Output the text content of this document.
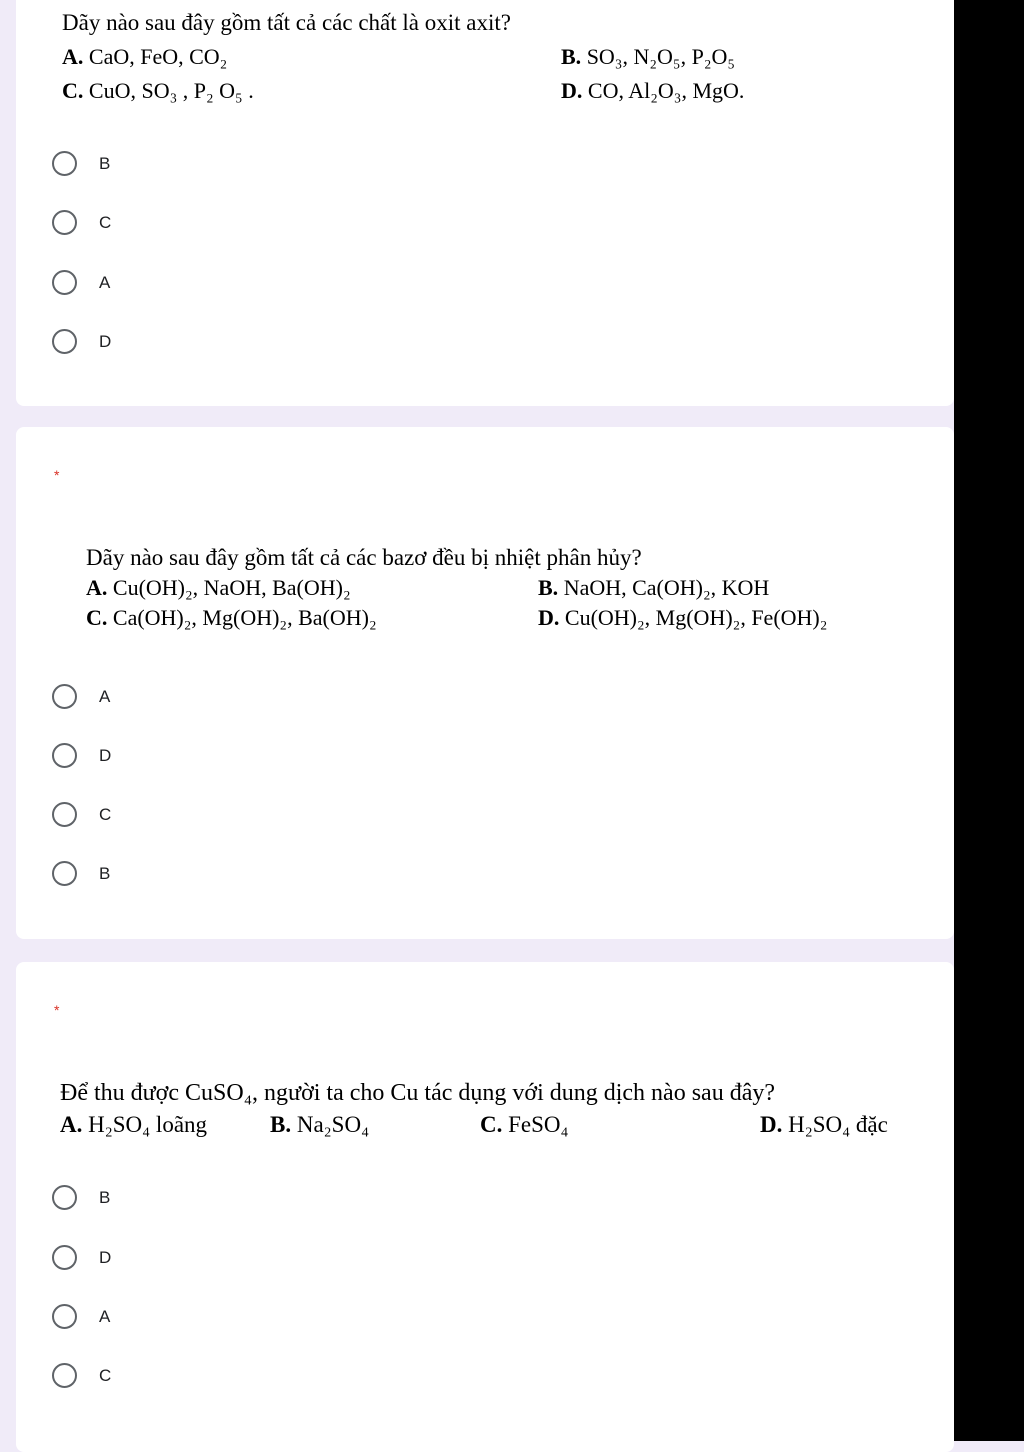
Dãy nào sau đây gồm tất cả các chất là oxit axit?
A. CaO, FeO, CO₂	B. SO₃, N₂O₅, P₂O₅
C. CuO, SO₃ , P₂ O₅ .	D. CO, Al₂O₃, MgO.
B
C
A
D
*
Dãy nào sau đây gồm tất cả các bazơ đều bị nhiệt phân hủy?
A. Cu(OH)₂, NaOH, Ba(OH)₂	B. NaOH, Ca(OH)₂, KOH
C. Ca(OH)₂, Mg(OH)₂, Ba(OH)₂	D. Cu(OH)₂, Mg(OH)₂, Fe(OH)₂
A
D
C
B
*
Để thu được CuSO₄, người ta cho Cu tác dụng với dung dịch nào sau đây?
A. H₂SO₄ loãng	B. Na₂SO₄	C. FeSO₄	D. H₂SO₄ đặc
B
D
A
C
